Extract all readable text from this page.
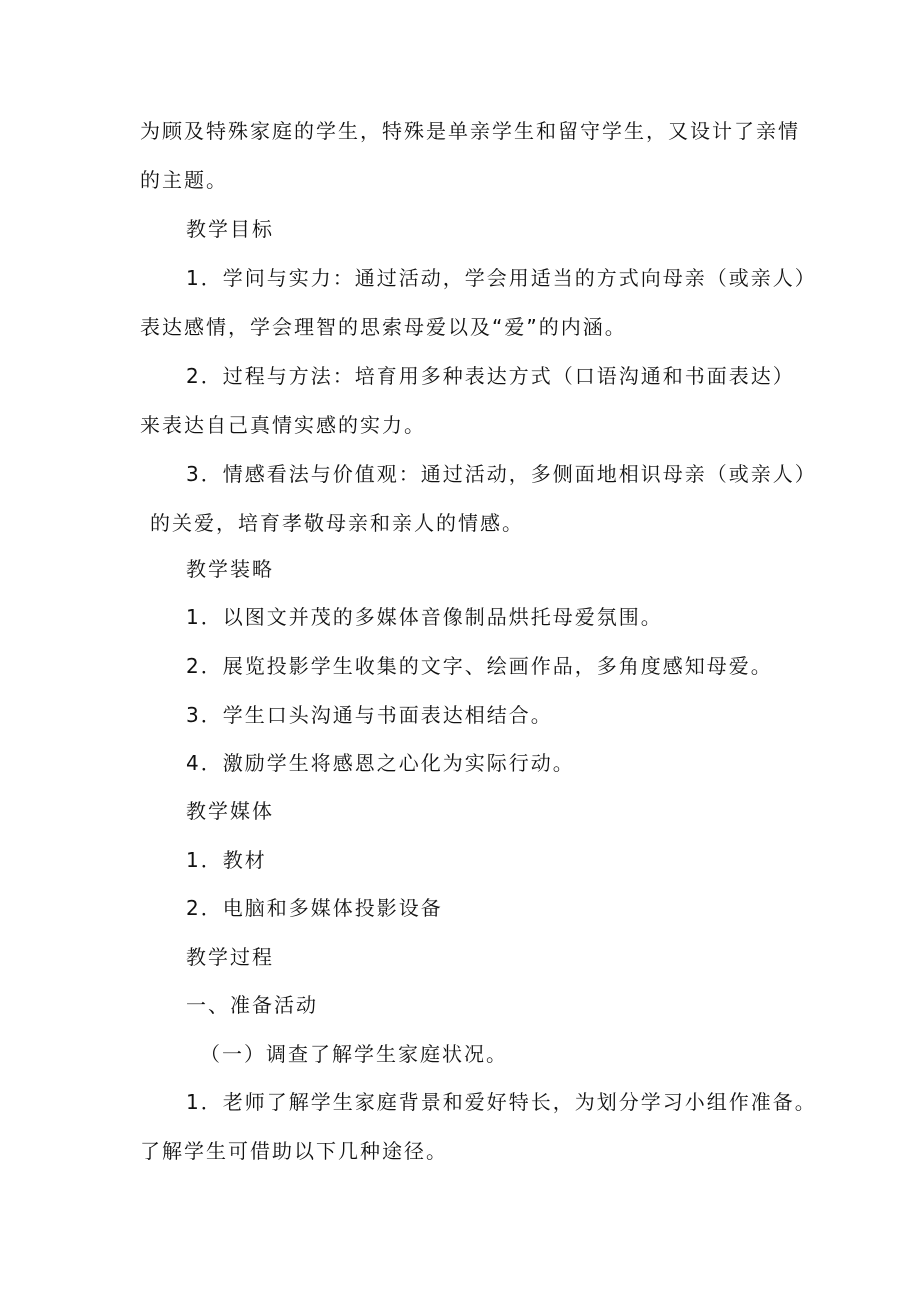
为顾及特殊家庭的学生，特殊是单亲学生和留守学生，又设计了亲情
的主题。
教学目标
1．学问与实力：通过活动，学会用适当的方式向母亲（或亲人）
表达感情，学会理智的思索母爱以及“爱”的内涵。
2．过程与方法：培育用多种表达方式（口语沟通和书面表达）
来表达自己真情实感的实力。
3．情感看法与价值观：通过活动，多侧面地相识母亲（或亲人）
的关爱，培育孝敬母亲和亲人的情感。
教学装略
1．以图文并茂的多媒体音像制品烘托母爱氛围。
2．展览投影学生收集的文字、绘画作品，多角度感知母爱。
3．学生口头沟通与书面表达相结合。
4．激励学生将感恩之心化为实际行动。
教学媒体
1．教材
2．电脑和多媒体投影设备
教学过程
一、准备活动
（一）调查了解学生家庭状况。
1．老师了解学生家庭背景和爱好特长，为划分学习小组作准备。
了解学生可借助以下几种途径。
